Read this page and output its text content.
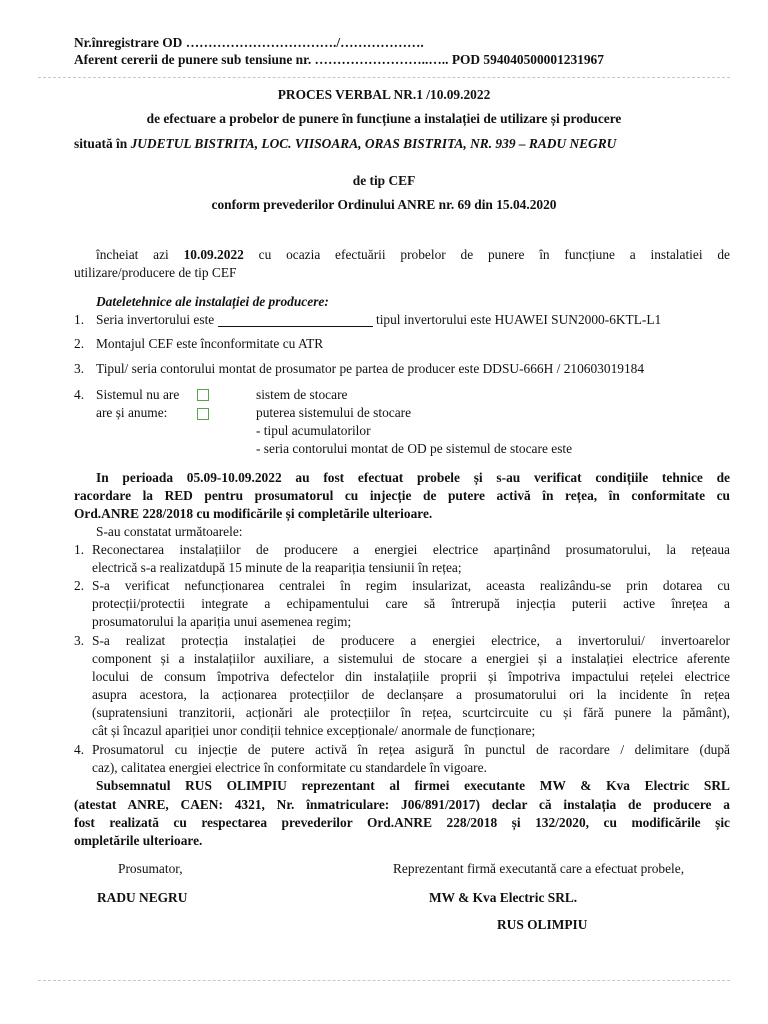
Nr.înregistrare OD ……………………………./……………….
Aferent cererii de punere sub tensiune nr. ……………………..….. POD 594040500001231967
PROCES VERBAL NR.1 /10.09.2022
de efectuare a probelor de punere în funcțiune a instalației de utilizare și producere
situată în JUDETUL BISTRITA, LOC. VIISOARA, ORAS BISTRITA, NR. 939 – RADU NEGRU
de tip CEF
conform prevederilor Ordinului ANRE nr. 69 din 15.04.2020
încheiat azi 10.09.2022 cu ocazia efectuării probelor de punere în funcțiune a instalatiei de
utilizare/producere de tip CEF
Dateletehnice ale instalației de producere:
1. Seria invertorului este	tipul invertorului este HUAWEI SUN2000-6KTL-L1
2. Montajul CEF este înconformitate cu ATR
3. Tipul/ seria contorului montat de prosumator pe partea de producer este DDSU-666H / 210603019184
4. Sistemul nu are
are și anume:
sistem de stocare
puterea sistemului de stocare
- tipul acumulatorilor
- seria contorului montat de OD pe sistemul de stocare este
In perioada 05.09-10.09.2022 au fost efectuat probele și s-au verificat condițiile tehnice de
racordare la RED pentru prosumatorul cu injecție de putere activă în rețea, în conformitate cu
Ord.ANRE 228/2018 cu modificările și completările ulterioare.
S-au constatat următoarele:
1. Reconectarea instalațiilor de producere a energiei electrice aparținând prosumatorului, la rețeaua
electrică s-a realizatdupă 15 minute de la reapariția tensiunii în rețea;
2. S-a verificat nefuncționarea centralei în regim insularizat, aceasta realizându-se prin dotarea cu
protecții/protectii integrate a echipamentului care să întrerupă injecția puterii active înrețea a
prosumatorului la apariția unui asemenea regim;
3. S-a realizat protecția instalației de producere a energiei electrice, a invertorului/ invertoarelor
component și a instalațiilor auxiliare, a sistemului de stocare a energiei și a instalației electrice aferente
locului de consum împotriva defectelor din instalațiile proprii și împotriva impactului rețelei electrice
asupra acestora, la acționarea protecțiilor de declanșare a prosumatorului ori la incidente în rețea
(supratensiuni tranzitorii, acționări ale protecțiilor în rețea, scurtcircuite cu și fără punere la pământ),
cât și încazul apariției unor condiții tehnice excepționale/ anormale de funcționare;
4. Prosumatorul cu injecție de putere activă în rețea asigură în punctul de racordare / delimitare (după
caz), calitatea energiei electrice în conformitate cu standardele în vigoare.
Subsemnatul RUS OLIMPIU reprezentant al firmei executante MW & Kva Electric SRL
(atestat ANRE, CAEN: 4321, Nr. înmatriculare: J06/891/2017) declar că instalația de producere a
fost realizată cu respectarea prevederilor Ord.ANRE 228/2018 și 132/2020, cu modificările șic
ompletările ulterioare.
Prosumator,
RADU NEGRU
Reprezentant firmă executantă care a efectuat probele,
MW & Kva Electric SRL.
RUS OLIMPIU
